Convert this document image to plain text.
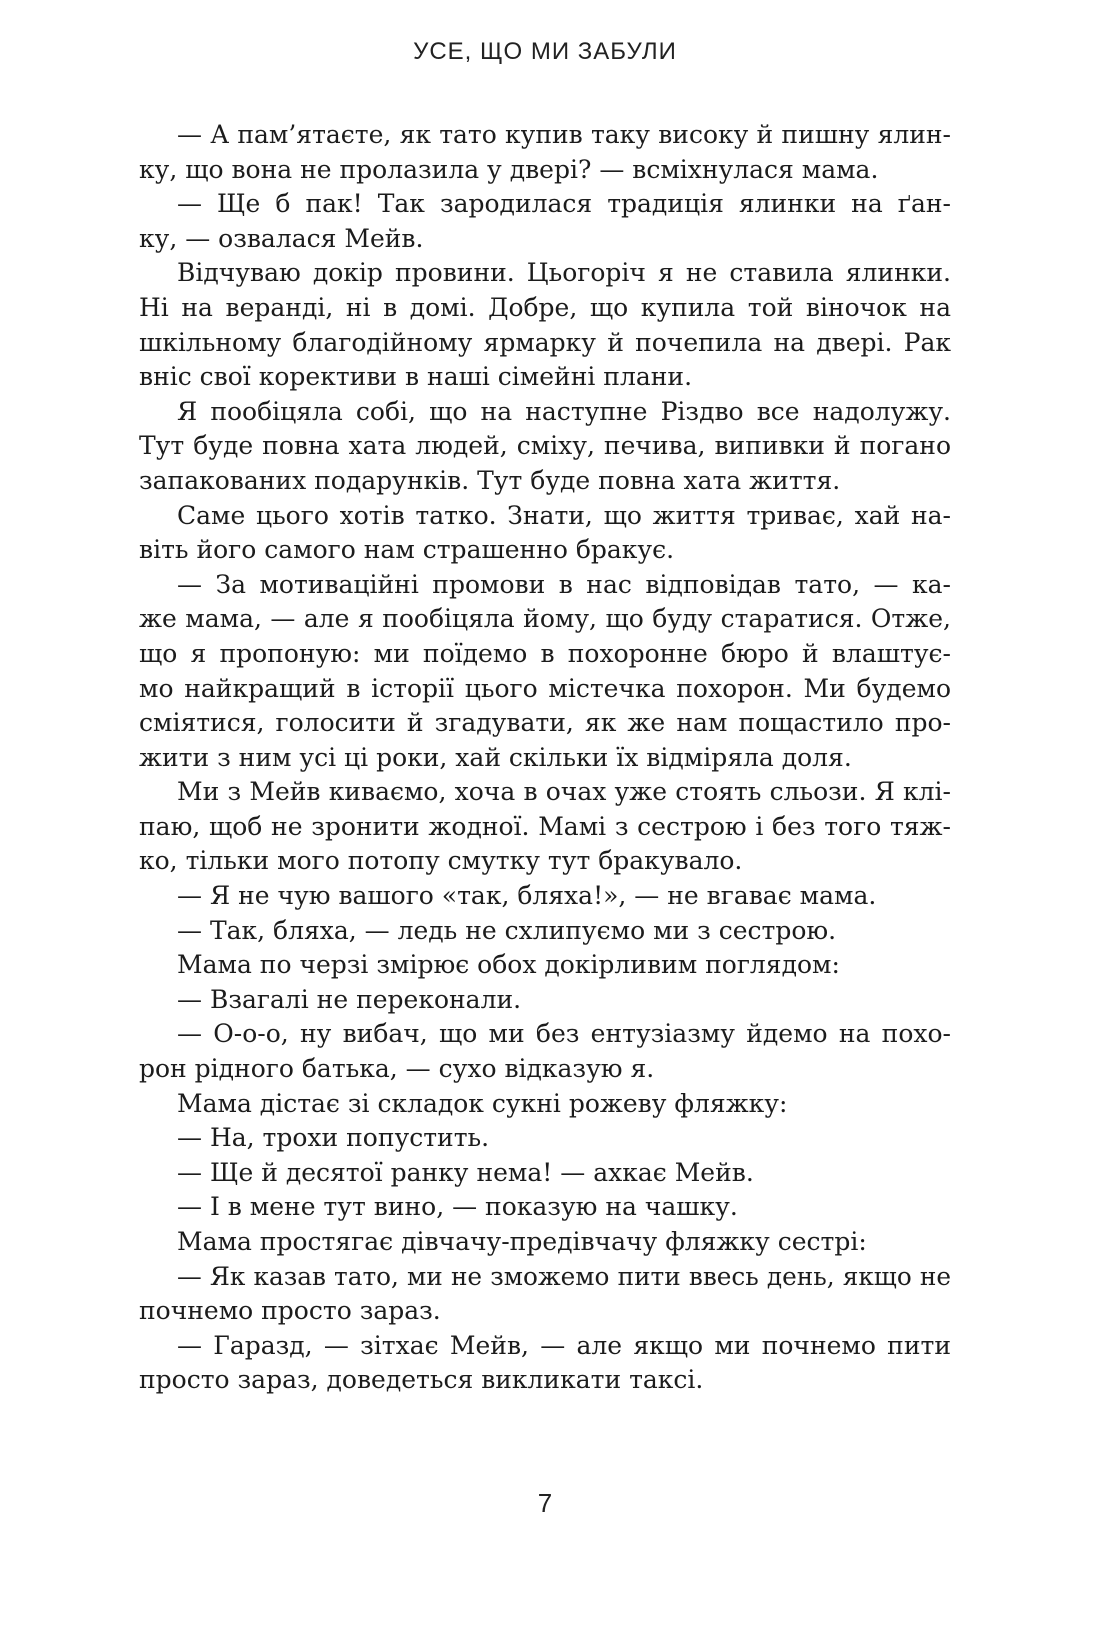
УСЕ, ЩО МИ ЗАБУЛИ
— А пам’ятаєте, як тато купив таку високу й пишну ялин-
ку, що вона не пролазила у двері? — всміхнулася мама.
— Ще б пак! Так зародилася традиція ялинки на ґан-
ку, — озвалася Мейв.
Відчуваю докір провини. Цьогоріч я не ставила ялинки.
Ні на веранді, ні в домі. Добре, що купила той віночок на
шкільному благодійному ярмарку й почепила на двері. Рак
вніс свої корективи в наші сімейні плани.
Я пообіцяла собі, що на наступне Різдво все надолужу.
Тут буде повна хата людей, сміху, печива, випивки й погано
запакованих подарунків. Тут буде повна хата життя.
Саме цього хотів татко. Знати, що життя триває, хай на-
віть його самого нам страшенно бракує.
— За мотиваційні промови в нас відповідав тато, — ка-
же мама, — але я пообіцяла йому, що буду старатися. Отже,
що я пропоную: ми поїдемо в похоронне бюро й влаштує-
мо найкращий в історії цього містечка похорон. Ми будемо
сміятися, голосити й згадувати, як же нам пощастило про-
жити з ним усі ці роки, хай скільки їх відміряла доля.
Ми з Мейв киваємо, хоча в очах уже стоять сльози. Я клі-
паю, щоб не зронити жодної. Мамі з сестрою і без того тяж-
ко, тільки мого потопу смутку тут бракувало.
— Я не чую вашого «так, бляха!», — не вгаває мама.
— Так, бляха, — ледь не схлипуємо ми з сестрою.
Мама по черзі змірює обох докірливим поглядом:
— Взагалі не переконали.
— О-о-о, ну вибач, що ми без ентузіазму йдемо на похо-
рон рідного батька, — сухо відказую я.
Мама дістає зі складок сукні рожеву фляжку:
— На, трохи попустить.
— Ще й десятої ранку нема! — ахкає Мейв.
— І в мене тут вино, — показую на чашку.
Мама простягає дівчачу-предівчачу фляжку сестрі:
— Як казав тато, ми не зможемо пити ввесь день, якщо не
почнемо просто зараз.
— Гаразд, — зітхає Мейв, — але якщо ми почнемо пити
просто зараз, доведеться викликати таксі.
7
